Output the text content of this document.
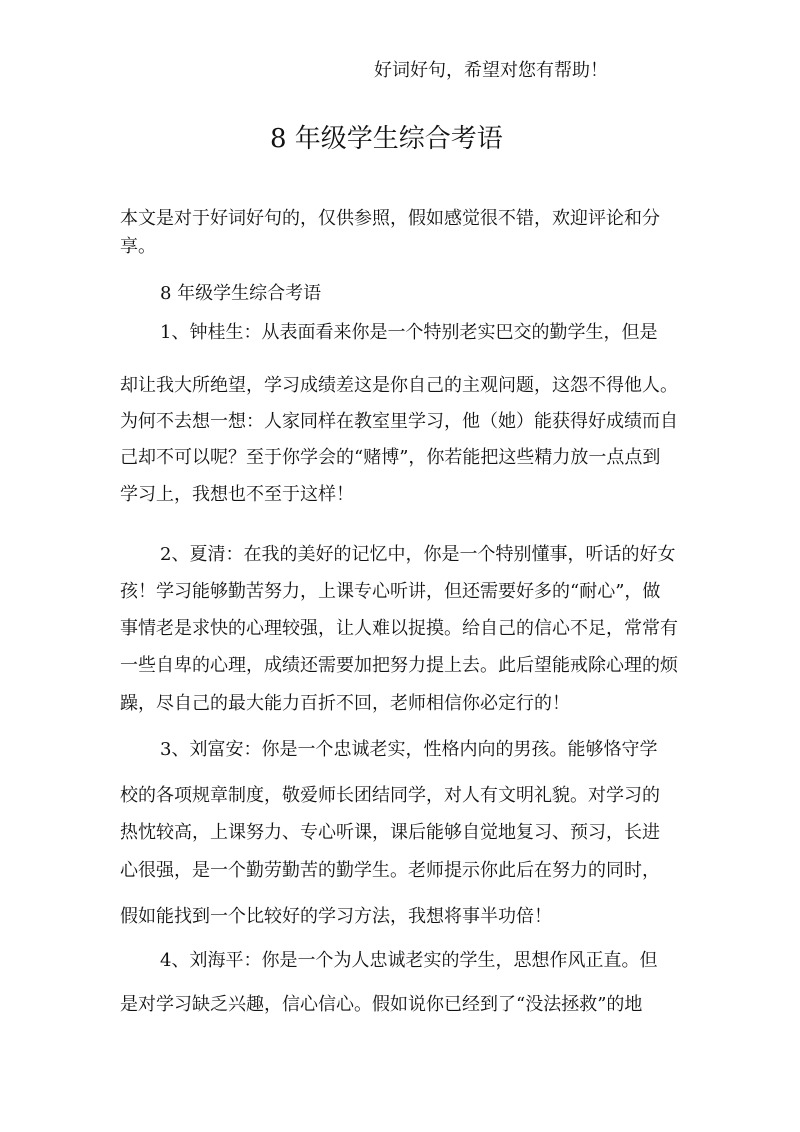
好词好句，希望对您有帮助！
8 年级学生综合考语
本文是对于好词好句的，仅供参照，假如感觉很不错，欢迎评论和分
享。
8 年级学生综合考语
1、钟桂生：从表面看来你是一个特别老实巴交的勤学生，但是
却让我大所绝望，学习成绩差这是你自己的主观问题，这怨不得他人。
为何不去想一想：人家同样在教室里学习，他（她）能获得好成绩而自
己却不可以呢？至于你学会的“赌博”，你若能把这些精力放一点点到
学习上，我想也不至于这样！
2、夏清：在我的美好的记忆中，你是一个特别懂事，听话的好女
孩！学习能够勤苦努力，上课专心听讲，但还需要好多的“耐心”，做
事情老是求快的心理较强，让人难以捉摸。给自己的信心不足，常常有
一些自卑的心理，成绩还需要加把努力提上去。此后望能戒除心理的烦
躁，尽自己的最大能力百折不回，老师相信你必定行的！
3、刘富安：你是一个忠诚老实，性格内向的男孩。能够恪守学
校的各项规章制度，敬爱师长团结同学，对人有文明礼貌。对学习的
热忱较高，上课努力、专心听课，课后能够自觉地复习、预习，长进
心很强，是一个勤劳勤苦的勤学生。老师提示你此后在努力的同时，
假如能找到一个比较好的学习方法，我想将事半功倍！
4、刘海平：你是一个为人忠诚老实的学生，思想作风正直。但
是对学习缺乏兴趣，信心信心。假如说你已经到了“没法拯救”的地
